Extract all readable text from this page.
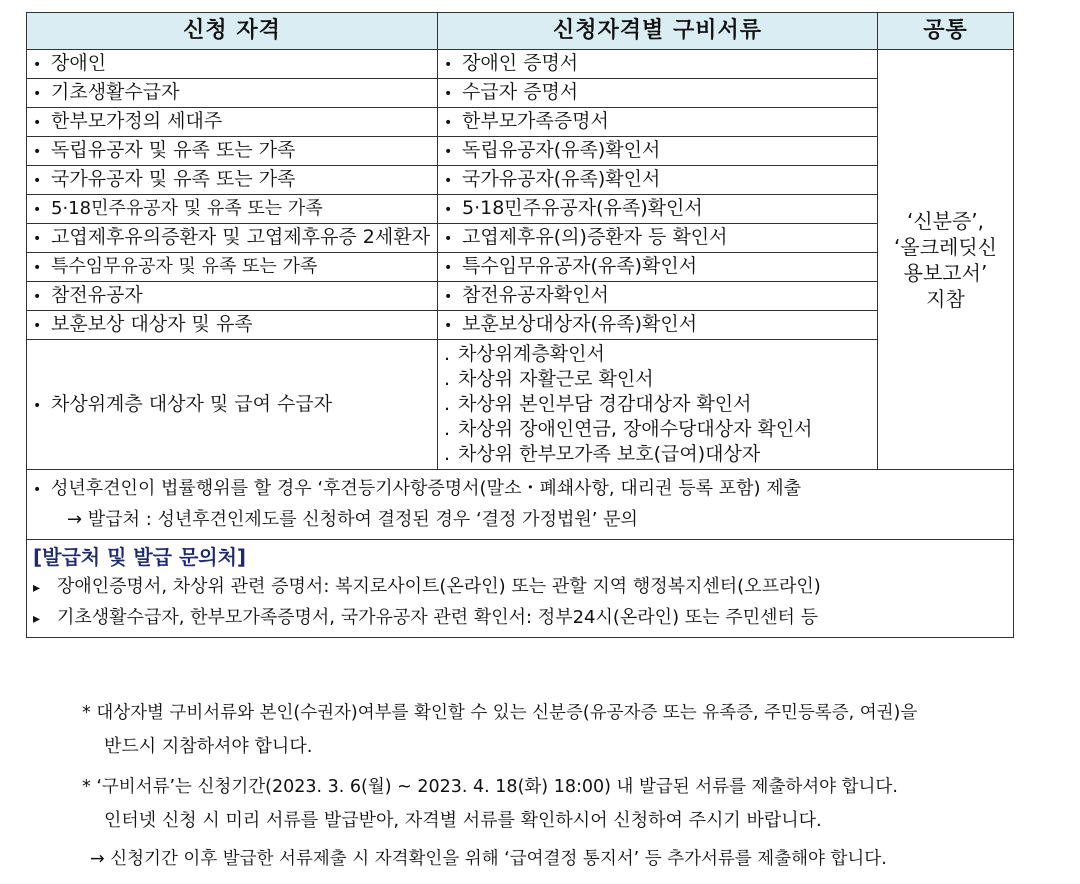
신청 자격	신청자격별 구비서류	공통
• 장애인	• 장애인 증명서	‘신분증’,
‘올크레딧신
용보고서’
지참

• 기초생활수급자	• 수급자 증명서
• 한부모가정의 세대주	• 한부모가족증명서
• 독립유공자 및 유족 또는 가족	• 독립유공자(유족)확인서
• 국가유공자 및 유족 또는 가족	• 국가유공자(유족)확인서
• 5·18민주유공자 및 유족 또는 가족	• 5·18민주유공자(유족)확인서
• 고엽제후유의증환자 및 고엽제후유증 2세환자	• 고엽제후유(의)증환자 등 확인서
• 특수임무유공자 및 유족 또는 가족	• 특수임무유공자(유족)확인서
• 참전유공자	• 참전유공자확인서
• 보훈보상 대상자 및 유족	• 보훈보상대상자(유족)확인서
• 차상위계층 대상자 및 급여 수급자	. 차상위계층확인서
. 차상위 자활근로 확인서
. 차상위 본인부담 경감대상자 확인서
. 차상위 장애인연금, 장애수당대상자 확인서
. 차상위 한부모가족 보호(급여)대상자

• 성년후견인이 법률행위를 할 경우 ‘후견등기사항증명서(말소・폐쇄사항, 대리권 등록 포함) 제출
→ 발급처 : 성년후견인제도를 신청하여 결정된 경우 ‘결정 가정법원’ 문의

[발급처 및 발급 문의처]
▸ 장애인증명서, 차상위 관련 증명서: 복지로사이트(온라인) 또는 관할 지역 행정복지센터(오프라인)
▸ 기초생활수급자, 한부모가족증명서, 국가유공자 관련 확인서: 정부24시(온라인) 또는 주민센터 등

* 대상자별 구비서류와 본인(수권자)여부를 확인할 수 있는 신분증(유공자증 또는 유족증, 주민등록증, 여권)을

반드시 지참하셔야 합니다.

* ‘구비서류’는 신청기간(2023. 3. 6(월) ~ 2023. 4. 18(화) 18:00) 내 발급된 서류를 제출하셔야 합니다.

인터넷 신청 시 미리 서류를 발급받아, 자격별 서류를 확인하시어 신청하여 주시기 바랍니다.

→ 신청기간 이후 발급한 서류제출 시 자격확인을 위해 ‘급여결정 통지서’ 등 추가서류를 제출해야 합니다.
